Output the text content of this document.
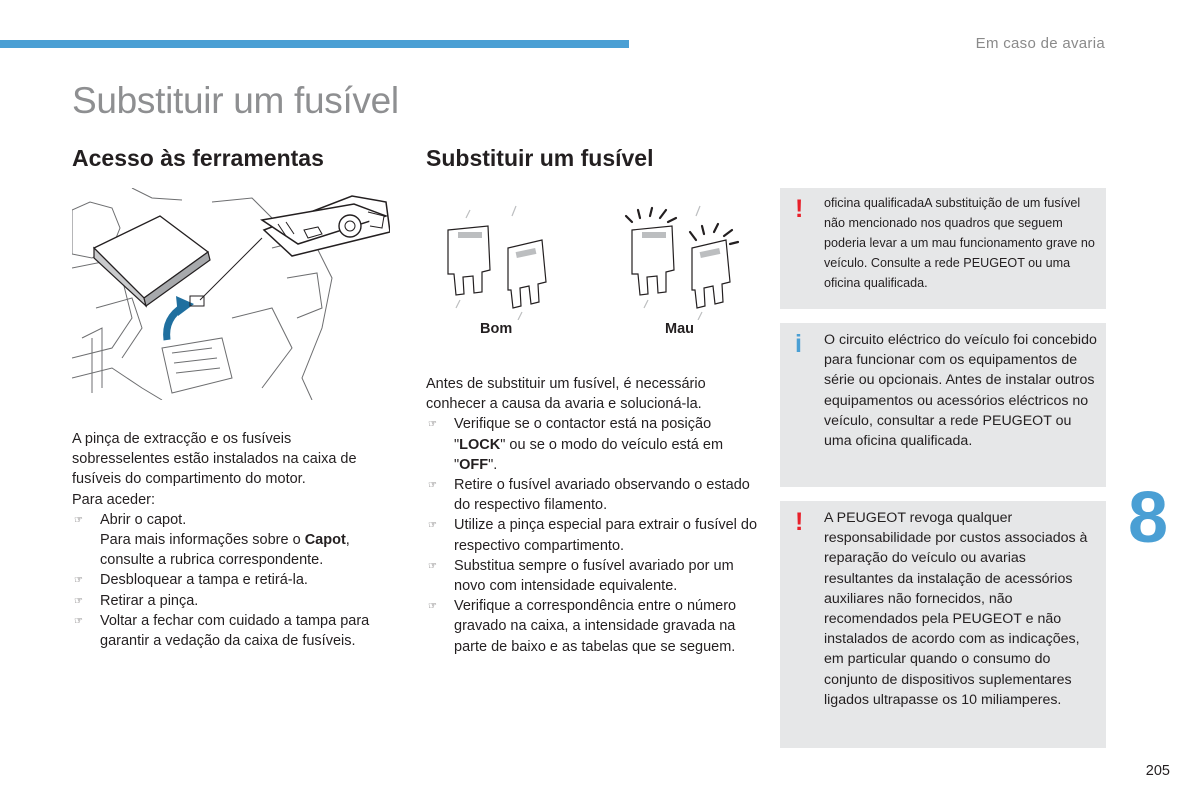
Em caso de avaria
Substituir um fusível
Acesso às ferramentas	Substituir um fusível
Bom	Mau

A pinça de extracção e os fusíveis sobresselentes estão instalados na caixa de fusíveis do compartimento do motor.

Para aceder:

☞ Abrir o capot.
Para mais informações sobre o Capot, consulte a rubrica correspondente.
☞ Desbloquear a tampa e retirá-la.
☞ Retirar a pinça.
☞ Voltar a fechar com cuidado a tampa para garantir a vedação da caixa de fusíveis.

Antes de substituir um fusível, é necessário conhecer a causa da avaria e solucioná-la.

☞ Verifique se o contactor está na posição "LOCK" ou se o modo do veículo está em "OFF".
☞ Retire o fusível avariado observando o estado do respectivo filamento.
☞ Utilize a pinça especial para extrair o fusível do respectivo compartimento.
☞ Substitua sempre o fusível avariado por um novo com intensidade equivalente.
☞ Verifique a correspondência entre o número gravado na caixa, a intensidade gravada na parte de baixo e as tabelas que se seguem.
! oficina qualificadaA substituição de um fusível não mencionado nos quadros que seguem poderia levar a um mau funcionamento grave no veículo. Consulte a rede PEUGEOT ou uma oficina qualificada.
i O circuito eléctrico do veículo foi concebido para funcionar com os equipamentos de série ou opcionais. Antes de instalar outros equipamentos ou acessórios eléctricos no veículo, consultar a rede PEUGEOT ou uma oficina qualificada.
! A PEUGEOT revoga qualquer responsabilidade por custos associados à reparação do veículo ou avarias resultantes da instalação de acessórios auxiliares não fornecidos, não recomendados pela PEUGEOT e não instalados de acordo com as indicações, em particular quando o consumo do conjunto de dispositivos suplementares ligados ultrapasse os 10 miliamperes.
8
205
